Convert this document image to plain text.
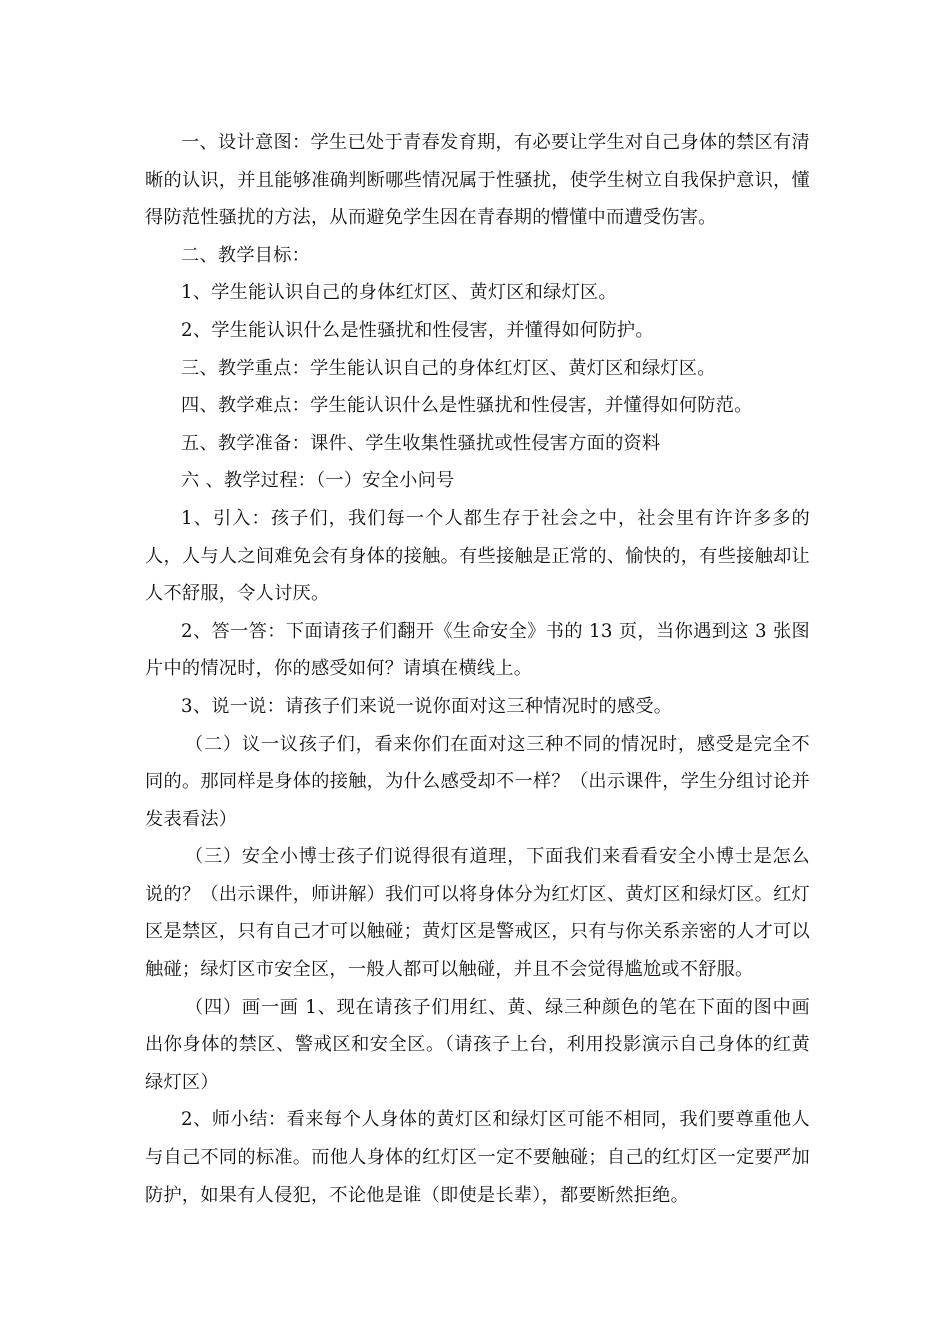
一、设计意图：学生已处于青春发育期，有必要让学生对自己身体的禁区有清晰的认识，并且能够准确判断哪些情况属于性骚扰，使学生树立自我保护意识，懂得防范性骚扰的方法，从而避免学生因在青春期的懵懂中而遭受伤害。

二、教学目标：

1、学生能认识自己的身体红灯区、黄灯区和绿灯区。

2、学生能认识什么是性骚扰和性侵害，并懂得如何防护。

三、教学重点：学生能认识自己的身体红灯区、黄灯区和绿灯区。

四、教学难点：学生能认识什么是性骚扰和性侵害，并懂得如何防范。

五、教学准备：课件、学生收集性骚扰或性侵害方面的资料

六 、教学过程：（一）安全小问号

1、引入：孩子们，我们每一个人都生存于社会之中，社会里有许许多多的人，人与人之间难免会有身体的接触。有些接触是正常的、愉快的，有些接触却让人不舒服，令人讨厌。

2、答一答：下面请孩子们翻开《生命安全》书的 13 页，当你遇到这 3 张图片中的情况时，你的感受如何？请填在横线上。

3、说一说：请孩子们来说一说你面对这三种情况时的感受。

（二）议一议孩子们，看来你们在面对这三种不同的情况时，感受是完全不同的。那同样是身体的接触，为什么感受却不一样？（出示课件，学生分组讨论并发表看法）

（三）安全小博士孩子们说得很有道理，下面我们来看看安全小博士是怎么说的？（出示课件，师讲解）我们可以将身体分为红灯区、黄灯区和绿灯区。红灯区是禁区，只有自己才可以触碰；黄灯区是警戒区，只有与你关系亲密的人才可以触碰；绿灯区市安全区，一般人都可以触碰，并且不会觉得尴尬或不舒服。

（四）画一画 1、现在请孩子们用红、黄、绿三种颜色的笔在下面的图中画出你身体的禁区、警戒区和安全区。（请孩子上台，利用投影演示自己身体的红黄绿灯区）

2、师小结：看来每个人身体的黄灯区和绿灯区可能不相同，我们要尊重他人与自己不同的标准。而他人身体的红灯区一定不要触碰；自己的红灯区一定要严加防护，如果有人侵犯，不论他是谁（即使是长辈），都要断然拒绝。
